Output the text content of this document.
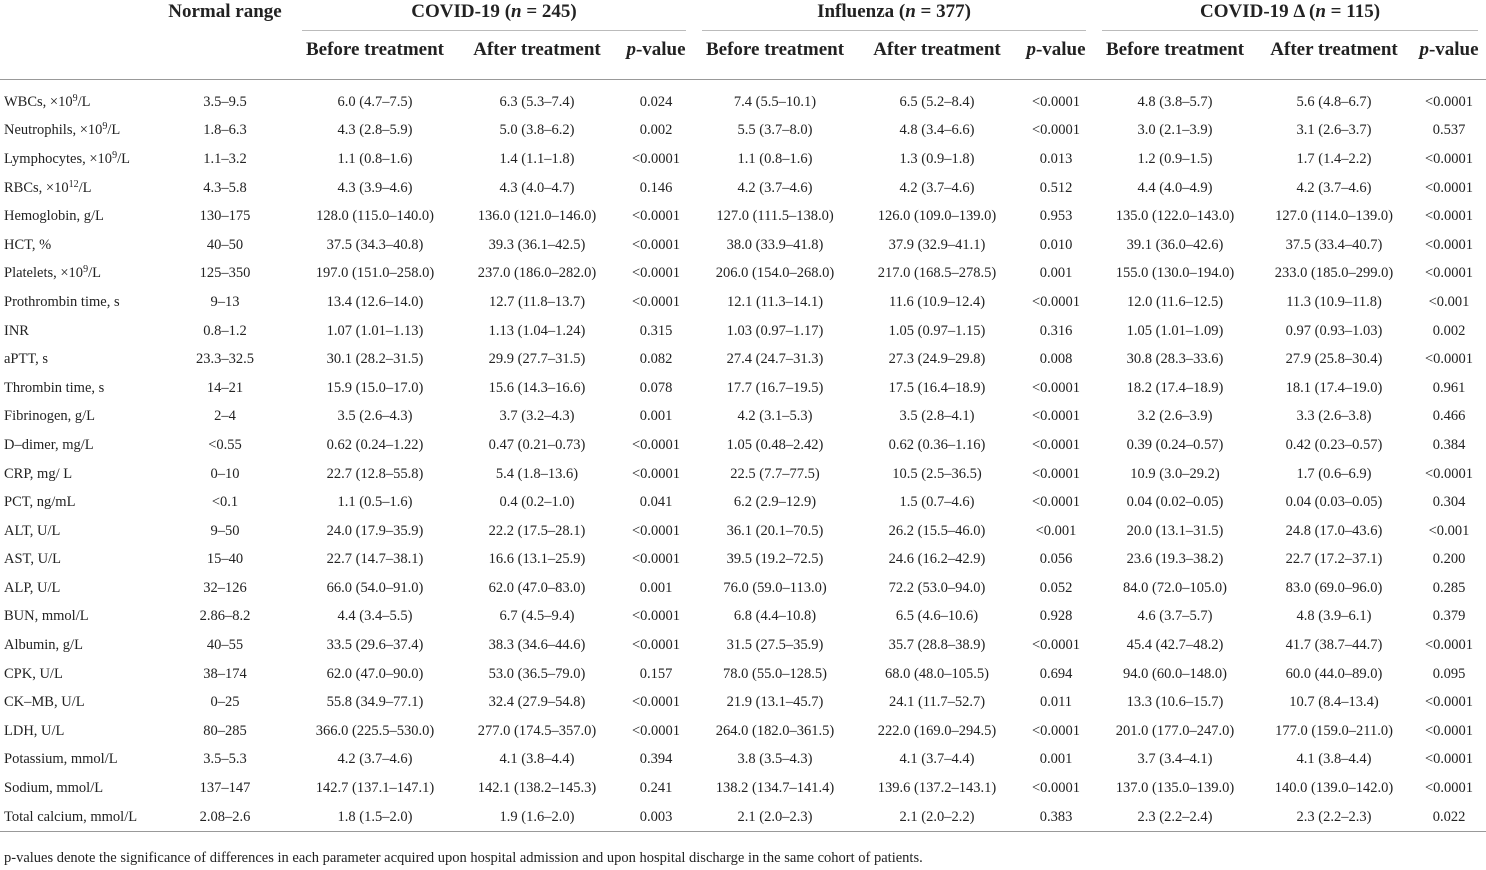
	Normal range	COVID-19 (n = 245)			Influenza (n = 377)			COVID-19 Δ (n = 115)		
		Before treatment	After treatment	p-value	Before treatment	After treatment	p-value	Before treatment	After treatment	p-value

WBCs, $\times 10^9/L$	3.5–9.5	6.0 (4.7–7.5)	6.3 (5.3–7.4)	0.024	7.4 (5.5–10.1)	6.5 (5.2–8.4)	<0.0001	4.8 (3.8–5.7)	5.6 (4.8–6.7)	<0.0001
Neutrophils, $\times 10^9/L$	1.8–6.3	4.3 (2.8–5.9)	5.0 (3.8–6.2)	0.002	5.5 (3.7–8.0)	4.8 (3.4–6.6)	<0.0001	3.0 (2.1–3.9)	3.1 (2.6–3.7)	0.537
Lymphocytes, $\times 10^9/L$	1.1–3.2	1.1 (0.8–1.6)	1.4 (1.1–1.8)	<0.0001	1.1 (0.8–1.6)	1.3 (0.9–1.8)	0.013	1.2 (0.9–1.5)	1.7 (1.4–2.2)	<0.0001
RBCs, $\times 10^{12}/L$	4.3–5.8	4.3 (3.9–4.6)	4.3 (4.0–4.7)	0.146	4.2 (3.7–4.6)	4.2 (3.7–4.6)	0.512	4.4 (4.0–4.9)	4.2 (3.7–4.6)	<0.0001
Hemoglobin, g/L	130–175	128.0 (115.0–140.0)	136.0 (121.0–146.0)	<0.0001	127.0 (111.5–138.0)	126.0 (109.0–139.0)	0.953	135.0 (122.0–143.0)	127.0 (114.0–139.0)	<0.0001
HCT, %	40–50	37.5 (34.3–40.8)	39.3 (36.1–42.5)	<0.0001	38.0 (33.9–41.8)	37.9 (32.9–41.1)	0.010	39.1 (36.0–42.6)	37.5 (33.4–40.7)	<0.0001
Platelets, $\times 10^9/L$	125–350	197.0 (151.0–258.0)	237.0 (186.0–282.0)	<0.0001	206.0 (154.0–268.0)	217.0 (168.5–278.5)	0.001	155.0 (130.0–194.0)	233.0 (185.0–299.0)	<0.0001
Prothrombin time, s	9–13	13.4 (12.6–14.0)	12.7 (11.8–13.7)	<0.0001	12.1 (11.3–14.1)	11.6 (10.9–12.4)	<0.0001	12.0 (11.6–12.5)	11.3 (10.9–11.8)	<0.001
INR	0.8–1.2	1.07 (1.01–1.13)	1.13 (1.04–1.24)	0.315	1.03 (0.97–1.17)	1.05 (0.97–1.15)	0.316	1.05 (1.01–1.09)	0.97 (0.93–1.03)	0.002
aPTT, s	23.3–32.5	30.1 (28.2–31.5)	29.9 (27.7–31.5)	0.082	27.4 (24.7–31.3)	27.3 (24.9–29.8)	0.008	30.8 (28.3–33.6)	27.9 (25.8–30.4)	<0.0001
Thrombin time, s	14–21	15.9 (15.0–17.0)	15.6 (14.3–16.6)	0.078	17.7 (16.7–19.5)	17.5 (16.4–18.9)	<0.0001	18.2 (17.4–18.9)	18.1 (17.4–19.0)	0.961
Fibrinogen, g/L	2–4	3.5 (2.6–4.3)	3.7 (3.2–4.3)	0.001	4.2 (3.1–5.3)	3.5 (2.8–4.1)	<0.0001	3.2 (2.6–3.9)	3.3 (2.6–3.8)	0.466
D–dimer, mg/L	<0.55	0.62 (0.24–1.22)	0.47 (0.21–0.73)	<0.0001	1.05 (0.48–2.42)	0.62 (0.36–1.16)	<0.0001	0.39 (0.24–0.57)	0.42 (0.23–0.57)	0.384
CRP, mg/ L	0–10	22.7 (12.8–55.8)	5.4 (1.8–13.6)	<0.0001	22.5 (7.7–77.5)	10.5 (2.5–36.5)	<0.0001	10.9 (3.0–29.2)	1.7 (0.6–6.9)	<0.0001
PCT, ng/mL	<0.1	1.1 (0.5–1.6)	0.4 (0.2–1.0)	0.041	6.2 (2.9–12.9)	1.5 (0.7–4.6)	<0.0001	0.04 (0.02–0.05)	0.04 (0.03–0.05)	0.304
ALT, U/L	9–50	24.0 (17.9–35.9)	22.2 (17.5–28.1)	<0.0001	36.1 (20.1–70.5)	26.2 (15.5–46.0)	<0.001	20.0 (13.1–31.5)	24.8 (17.0–43.6)	<0.001
AST, U/L	15–40	22.7 (14.7–38.1)	16.6 (13.1–25.9)	<0.0001	39.5 (19.2–72.5)	24.6 (16.2–42.9)	0.056	23.6 (19.3–38.2)	22.7 (17.2–37.1)	0.200
ALP, U/L	32–126	66.0 (54.0–91.0)	62.0 (47.0–83.0)	0.001	76.0 (59.0–113.0)	72.2 (53.0–94.0)	0.052	84.0 (72.0–105.0)	83.0 (69.0–96.0)	0.285
BUN, mmol/L	2.86–8.2	4.4 (3.4–5.5)	6.7 (4.5–9.4)	<0.0001	6.8 (4.4–10.8)	6.5 (4.6–10.6)	0.928	4.6 (3.7–5.7)	4.8 (3.9–6.1)	0.379
Albumin, g/L	40–55	33.5 (29.6–37.4)	38.3 (34.6–44.6)	<0.0001	31.5 (27.5–35.9)	35.7 (28.8–38.9)	<0.0001	45.4 (42.7–48.2)	41.7 (38.7–44.7)	<0.0001
CPK, U/L	38–174	62.0 (47.0–90.0)	53.0 (36.5–79.0)	0.157	78.0 (55.0–128.5)	68.0 (48.0–105.5)	0.694	94.0 (60.0–148.0)	60.0 (44.0–89.0)	0.095
CK–MB, U/L	0–25	55.8 (34.9–77.1)	32.4 (27.9–54.8)	<0.0001	21.9 (13.1–45.7)	24.1 (11.7–52.7)	0.011	13.3 (10.6–15.7)	10.7 (8.4–13.4)	<0.0001
LDH, U/L	80–285	366.0 (225.5–530.0)	277.0 (174.5–357.0)	<0.0001	264.0 (182.0–361.5)	222.0 (169.0–294.5)	<0.0001	201.0 (177.0–247.0)	177.0 (159.0–211.0)	<0.0001
Potassium, mmol/L	3.5–5.3	4.2 (3.7–4.6)	4.1 (3.8–4.4)	0.394	3.8 (3.5–4.3)	4.1 (3.7–4.4)	0.001	3.7 (3.4–4.1)	4.1 (3.8–4.4)	<0.0001
Sodium, mmol/L	137–147	142.7 (137.1–147.1)	142.1 (138.2–145.3)	0.241	138.2 (134.7–141.4)	139.6 (137.2–143.1)	<0.0001	137.0 (135.0–139.0)	140.0 (139.0–142.0)	<0.0001
Total calcium, mmol/L	2.08–2.6	1.8 (1.5–2.0)	1.9 (1.6–2.0)	0.003	2.1 (2.0–2.3)	2.1 (2.0–2.2)	0.383	2.3 (2.2–2.4)	2.3 (2.2–2.3)	0.022
p-values denote the significance of differences in each parameter acquired upon hospital admission and upon hospital discharge in the same cohort of patients.
